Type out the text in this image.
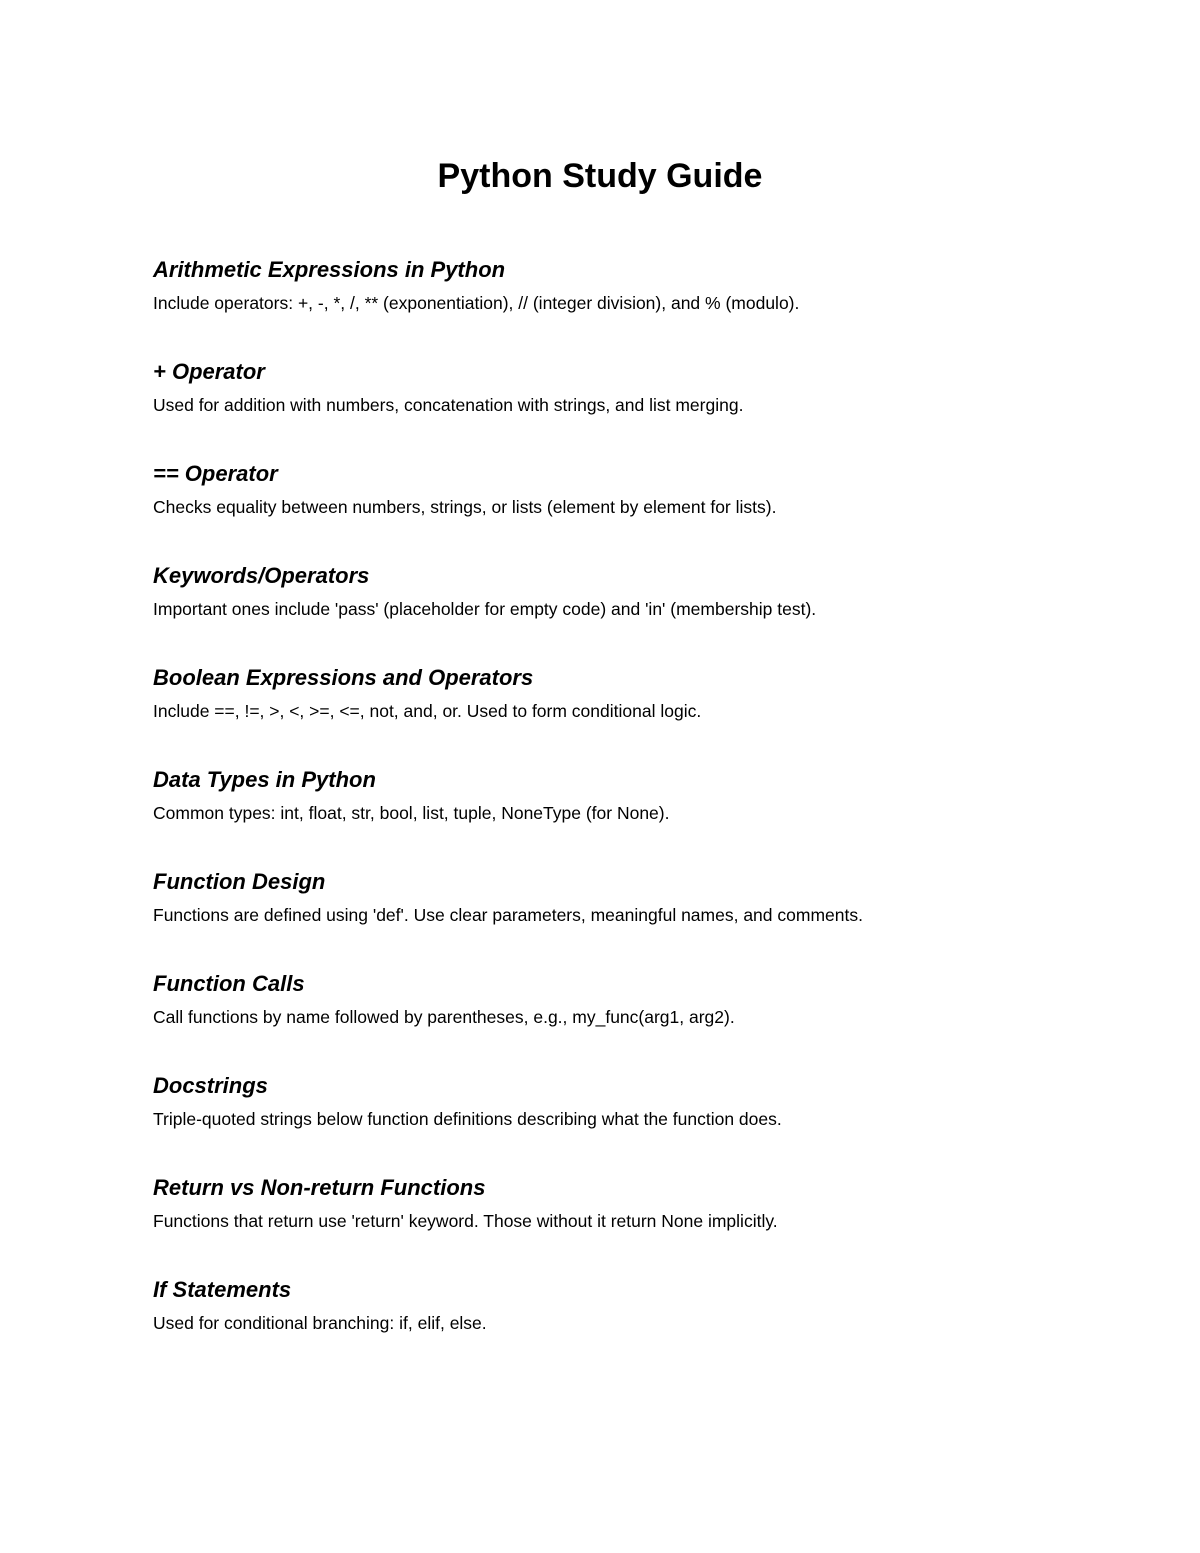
Python Study Guide
Arithmetic Expressions in Python

Include operators: +, -, *, /, ** (exponentiation), // (integer division), and % (modulo).

+ Operator

Used for addition with numbers, concatenation with strings, and list merging.

== Operator

Checks equality between numbers, strings, or lists (element by element for lists).

Keywords/Operators

Important ones include 'pass' (placeholder for empty code) and 'in' (membership test).

Boolean Expressions and Operators

Include ==, !=, >, <, >=, <=, not, and, or. Used to form conditional logic.

Data Types in Python

Common types: int, float, str, bool, list, tuple, NoneType (for None).

Function Design

Functions are defined using 'def'. Use clear parameters, meaningful names, and comments.

Function Calls

Call functions by name followed by parentheses, e.g., my_func(arg1, arg2).

Docstrings

Triple-quoted strings below function definitions describing what the function does.

Return vs Non-return Functions

Functions that return use 'return' keyword. Those without it return None implicitly.

If Statements

Used for conditional branching: if, elif, else.
